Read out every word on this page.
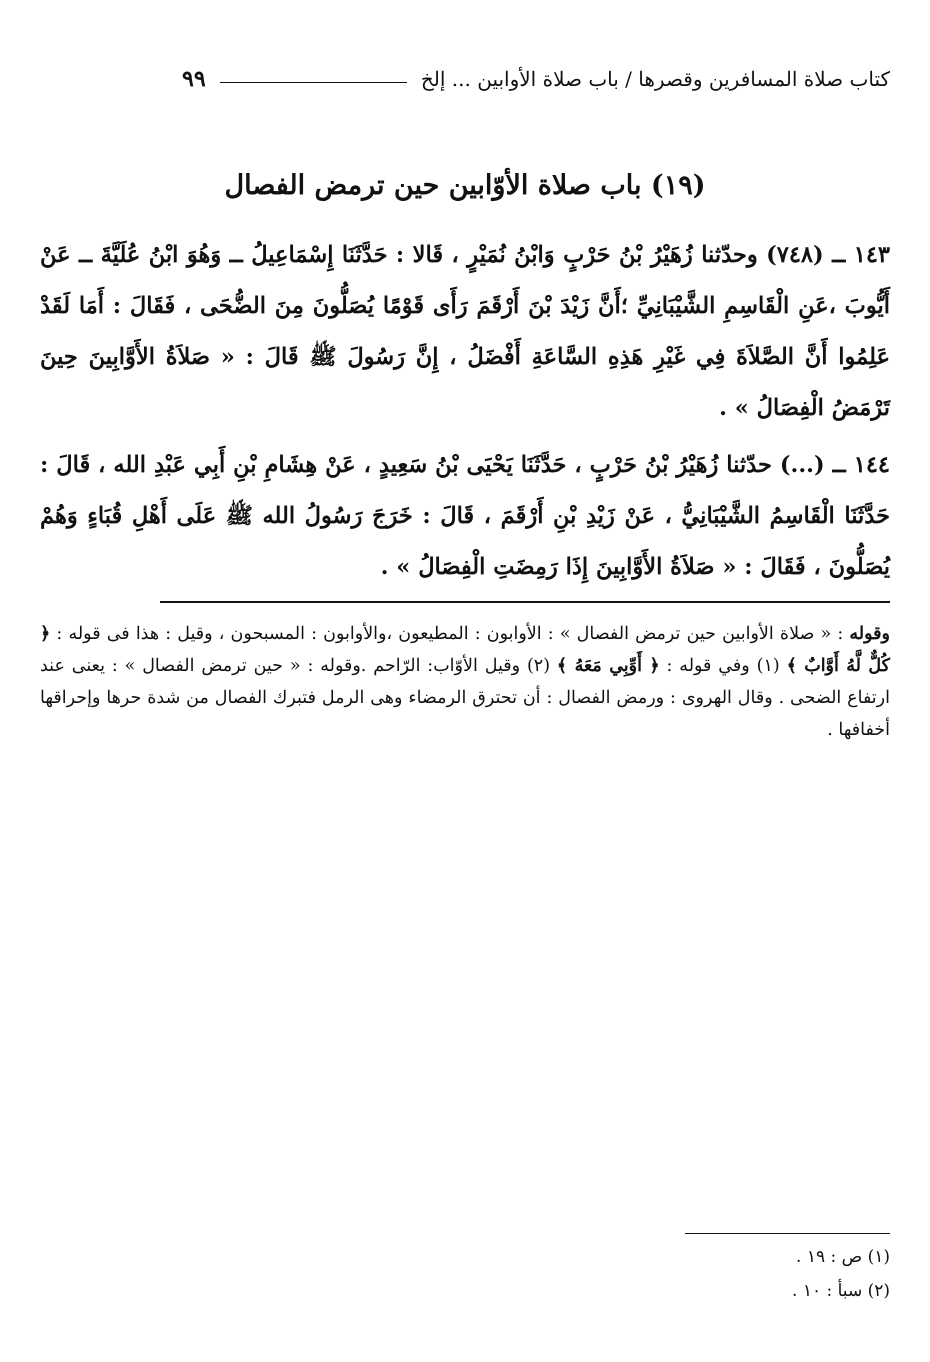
كتاب صلاة المسافرين وقصرها / باب صلاة الأوابين ... إلخ
٩٩
(١٩) باب صلاة الأوّابين حين ترمض الفصال

١٤٣ ــ (٧٤٨) وحدّثنا زُهَيْرُ بْنُ حَرْبٍ وَابْنُ نُمَيْرٍ ، قَالا : حَدَّثَنَا إِسْمَاعِيلُ ــ وَهُوَ ابْنُ عُلَيَّةَ ــ عَنْ أَيُّوبَ ،عَنِ الْقَاسِمِ الشَّيْبَانِيِّ ؛أَنَّ زَيْدَ بْنَ أَرْقَمَ رَأَى قَوْمًا يُصَلُّونَ مِنَ الضُّحَى ، فَقَالَ : أَمَا لَقَدْ عَلِمُوا أَنَّ الصَّلاَةَ فِي غَيْرِ هَذِهِ السَّاعَةِ أَفْضَلُ ، إِنَّ رَسُولَ ﷺ قَالَ : « صَلاَةُ الأَوَّابِينَ حِينَ تَرْمَضُ الْفِصَالُ » .

١٤٤ ــ (...) حدّثنا زُهَيْرُ بْنُ حَرْبٍ ، حَدَّثَنَا يَحْيَى بْنُ سَعِيدٍ ، عَنْ هِشَامِ بْنِ أَبِي عَبْدِ الله ، قَالَ : حَدَّثَنَا الْقَاسِمُ الشَّيْبَانِيُّ ، عَنْ زَيْدِ بْنِ أَرْقَمَ ، قَالَ : خَرَجَ رَسُولُ الله ﷺ عَلَى أَهْلِ قُبَاءٍ وَهُمْ يُصَلُّونَ ، فَقَالَ : « صَلاَةُ الأَوَّابِينَ إِذَا رَمِضَتِ الْفِصَالُ » .

وقوله : « صلاة الأوابين حين ترمض الفصال » : الأوابون : المطيعون ،والأوابون : المسبحون ، وقيل : هذا فى قوله : ﴿ كُلٌّ لَّهُ أَوَّابٌ ﴾ (١) وفي قوله : ﴿ أَوِّبِي مَعَهُ ﴾ (٢) وقيل الأوّاب: الرّاحم .وقوله : « حين ترمض الفصال » : يعنى عند ارتفاع الضحى . وقال الهروى : ورمض الفصال : أن تحترق الرمضاء وهى الرمل فتبرك الفصال من شدة حرها وإحراقها أخفافها .

(١) ص : ١٩ .

(٢) سبأ : ١٠ .
